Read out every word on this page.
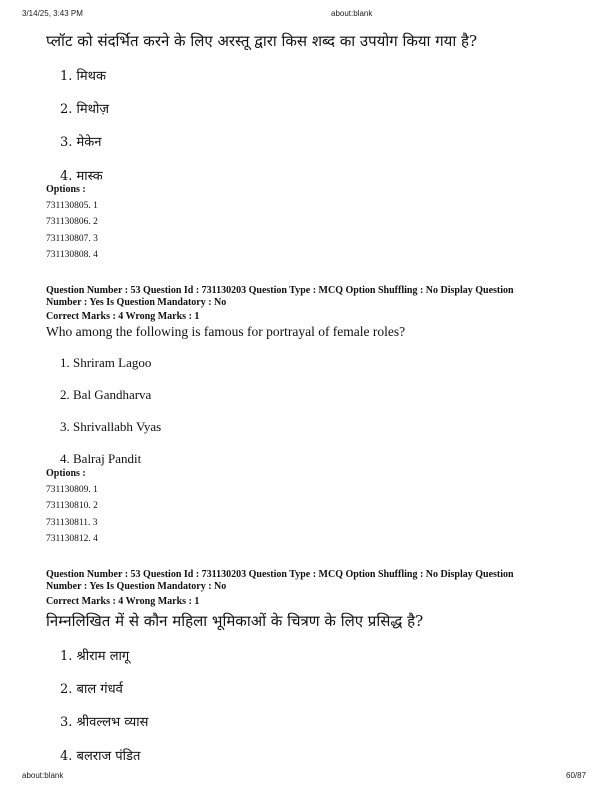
3/14/25, 3:43 PM	about:blank
प्लॉट को संदर्भित करने के लिए अरस्तू द्वारा किस शब्द का उपयोग किया गया है?
1. मिथक
2. मिथोज़
3. मेकेन
4. मास्क
Options :
731130805. 1
731130806. 2
731130807. 3
731130808. 4
Question Number : 53 Question Id : 731130203 Question Type : MCQ Option Shuffling : No Display Question
Number : Yes Is Question Mandatory : No
Correct Marks : 4 Wrong Marks : 1
Who among the following is famous for portrayal of female roles?
1. Shriram Lagoo
2. Bal Gandharva
3. Shrivallabh Vyas
4. Balraj Pandit
Options :
731130809. 1
731130810. 2
731130811. 3
731130812. 4
Question Number : 53 Question Id : 731130203 Question Type : MCQ Option Shuffling : No Display Question
Number : Yes Is Question Mandatory : No
Correct Marks : 4 Wrong Marks : 1
निम्नलिखित में से कौन महिला भूमिकाओं के चित्रण के लिए प्रसिद्ध है?
1. श्रीराम लागू
2. बाल गंधर्व
3. श्रीवल्लभ व्यास
4. बलराज पंडित
about:blank	60/87
